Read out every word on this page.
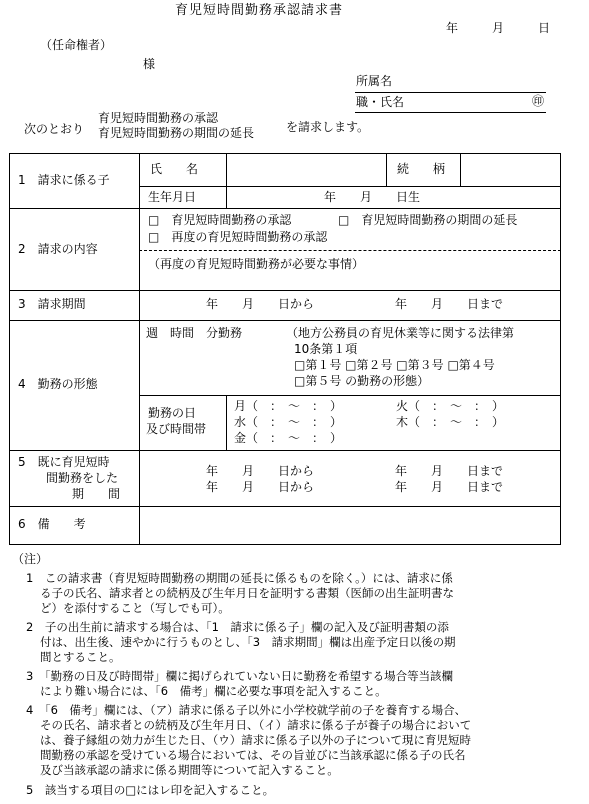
育児短時間勤務承認請求書
年	月	日
（任命権者）
様
所属名
職・氏名	㊞
次のとおり
育児短時間勤務の承認
育児短時間勤務の期間の延長	を請求します。
1　請求に係る子
氏　　名	続　　柄
生年月日	年　　月　　日生
2　請求の内容
□　育児短時間勤務の承認	□　育児短時間勤務の期間の延長
□　再度の育児短時間勤務の承認
（再度の育児短時間勤務が必要な事情）
3　請求期間	年　　月　　日から	年　　月　　日まで
4　勤務の形態
週　時間　分勤務	（地方公務員の育児休業等に関する法律第
10条第１項
□第１号 □第２号 □第３号 □第４号
□第５号 の勤務の形態）
勤務の日
及び時間帯
月（　：　～　：　）	火（　：　～　：　）
水（　：　～　：　）	木（　：　～　：　）
金（　：　～　：　）
5　既に育児短時
間勤務をした
期　　間
年　　月　　日から	年　　月　　日まで
年　　月　　日から	年　　月　　日まで
6　備　　考
（注）
1　この請求書（育児短時間勤務の期間の延長に係るものを除く。）には、請求に係
る子の氏名、請求者との続柄及び生年月日を証明する書類（医師の出生証明書な
ど）を添付すること（写しでも可）。
2　子の出生前に請求する場合は、「1　請求に係る子」欄の記入及び証明書類の添
付は、出生後、速やかに行うものとし、「3　請求期間」欄は出産予定日以後の期
間とすること。
3　「勤務の日及び時間帯」欄に掲げられていない日に勤務を希望する場合等当該欄
により難い場合には、「6　備考」欄に必要な事項を記入すること。
4　「6　備考」欄には、（ア）請求に係る子以外に小学校就学前の子を養育する場合、
その氏名、請求者との続柄及び生年月日、（イ）請求に係る子が養子の場合において
は、養子縁組の効力が生じた日、（ウ）請求に係る子以外の子について現に育児短時
間勤務の承認を受けている場合においては、その旨並びに当該承認に係る子の氏名
及び当該承認の請求に係る期間等について記入すること。
5　該当する項目の□にはレ印を記入すること。
